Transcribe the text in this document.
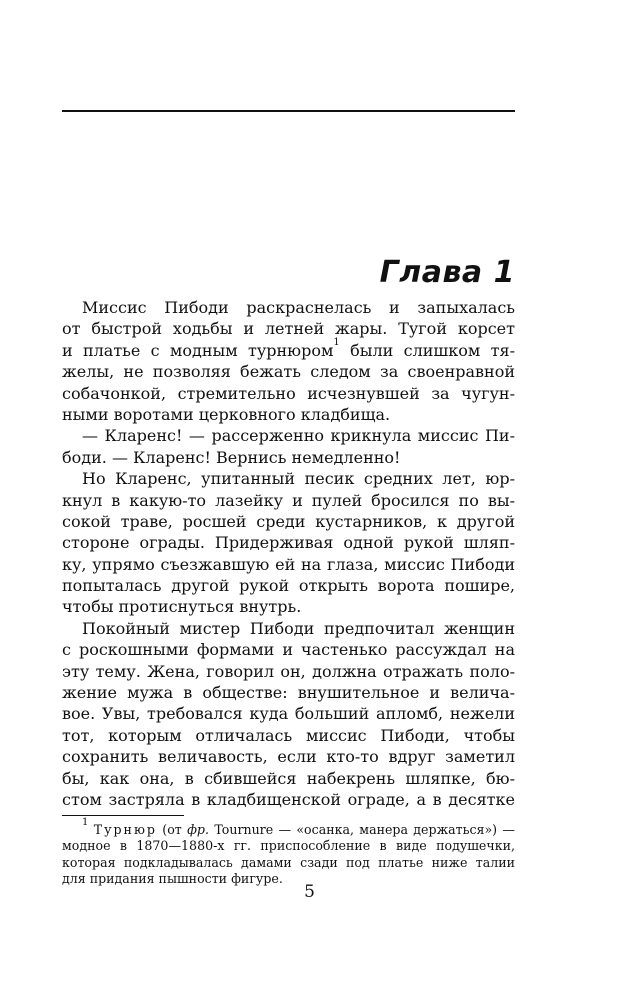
Глава 1
Миссис Пибоди раскраснелась и запыхалась
от быстрой ходьбы и летней жары. Тугой корсет
и платье с модным турнюром$^1$ были слишком тя-
желы, не позволяя бежать следом за своенравной
собачонкой, стремительно исчезнувшей за чугун-
ными воротами церковного кладбища.
— Кларенс! — рассерженно крикнула миссис Пи-
боди. — Кларенс! Вернись немедленно!
Но Кларенс, упитанный песик средних лет, юр-
кнул в какую-то лазейку и пулей бросился по вы-
сокой траве, росшей среди кустарников, к другой
стороне ограды. Придерживая одной рукой шляп-
ку, упрямо съезжавшую ей на глаза, миссис Пибоди
попыталась другой рукой открыть ворота пошире,
чтобы протиснуться внутрь.
Покойный мистер Пибоди предпочитал женщин
с роскошными формами и частенько рассуждал на
эту тему. Жена, говорил он, должна отражать поло-
жение мужа в обществе: внушительное и велича-
вое. Увы, требовался куда больший апломб, нежели
тот, которым отличалась миссис Пибоди, чтобы
сохранить величавость, если кто-то вдруг заметил
бы, как она, в сбившейся набекрень шляпке, бю-
стом застряла в кладбищенской ограде, а в десятке
$^1$ Турнюр (от фр. Tournure — «осанка, манера держаться») —
модное в 1870—1880-х гг. приспособление в виде подушечки,
которая подкладывалась дамами сзади под платье ниже талии
для придания пышности фигуре.
5
